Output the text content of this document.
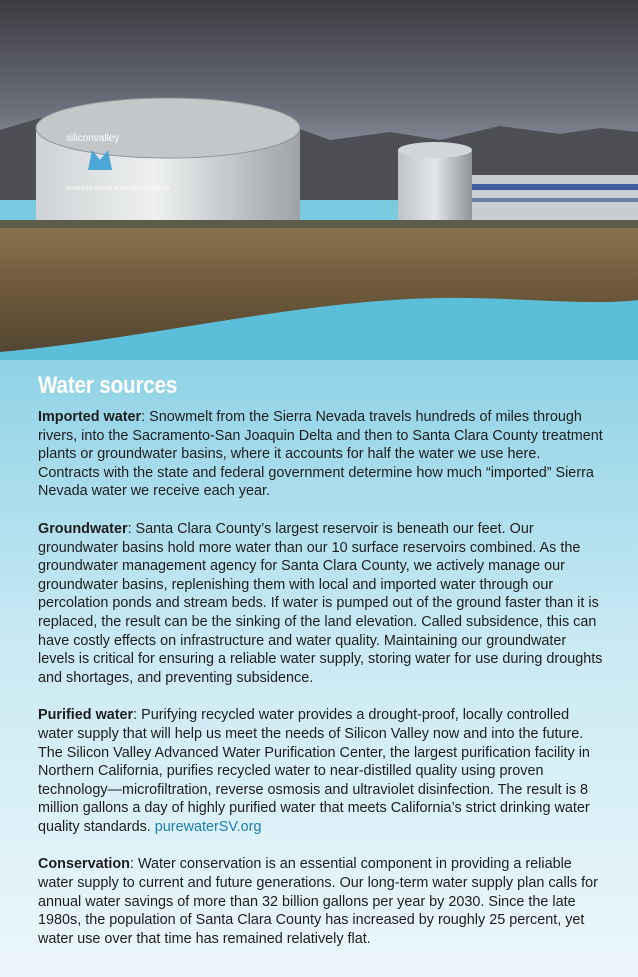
siliconvalley
ADVANCED WATER PURIFICATION CENTER
Water sources

Imported water: Snowmelt from the Sierra Nevada travels hundreds of miles through rivers, into the Sacramento-San Joaquin Delta and then to Santa Clara County treatment plants or groundwater basins, where it accounts for half the water we use here. Contracts with the state and federal government determine how much “imported” Sierra Nevada water we receive each year.

Groundwater: Santa Clara County’s largest reservoir is beneath our feet. Our groundwater basins hold more water than our 10 surface reservoirs combined. As the groundwater management agency for Santa Clara County, we actively manage our groundwater basins, replenishing them with local and imported water through our percolation ponds and stream beds. If water is pumped out of the ground faster than it is replaced, the result can be the sinking of the land elevation. Called subsidence, this can have costly effects on infrastructure and water quality. Maintaining our groundwater levels is critical for ensuring a reliable water supply, storing water for use during droughts and shortages, and preventing subsidence.

Purified water: Purifying recycled water provides a drought-proof, locally controlled water supply that will help us meet the needs of Silicon Valley now and into the future. The Silicon Valley Advanced Water Purification Center, the largest purification facility in Northern California, purifies recycled water to near-distilled quality using proven technology—microfiltration, reverse osmosis and ultraviolet disinfection. The result is 8 million gallons a day of highly purified water that meets California’s strict drinking water quality standards. purewaterSV.org

Conservation: Water conservation is an essential component in providing a reliable water supply to current and future generations. Our long-term water supply plan calls for annual water savings of more than 32 billion gallons per year by 2030. Since the late 1980s, the population of Santa Clara County has increased by roughly 25 percent, yet water use over that time has remained relatively flat.
